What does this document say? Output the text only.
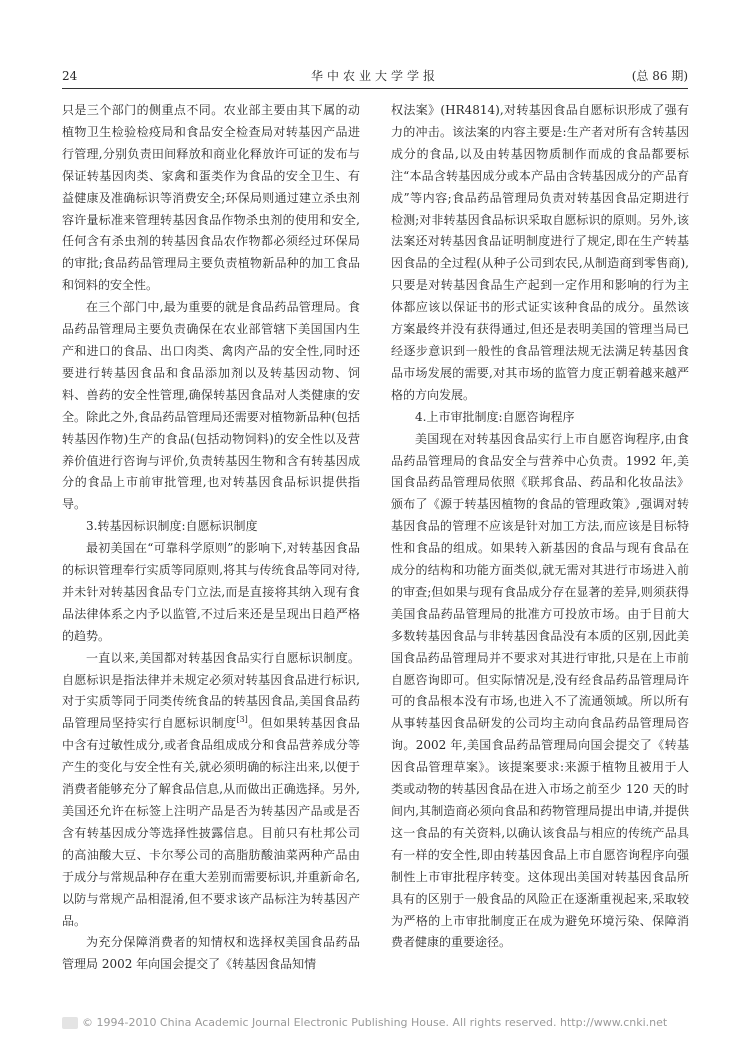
24	华中农业大学学报	(总 86 期)

只是三个部门的侧重点不同。农业部主要由其下属的动植物卫生检验检疫局和食品安全检查局对转基因产品进行管理,分别负责田间释放和商业化释放许可证的发布与保证转基因肉类、家禽和蛋类作为食品的安全卫生、有益健康及准确标识等消费安全;环保局则通过建立杀虫剂容许量标准来管理转基因食品作物杀虫剂的使用和安全,任何含有杀虫剂的转基因食品农作物都必须经过环保局的审批;食品药品管理局主要负责植物新品种的加工食品和饲料的安全性。

在三个部门中,最为重要的就是食品药品管理局。食品药品管理局主要负责确保在农业部管辖下美国国内生产和进口的食品、出口肉类、禽肉产品的安全性,同时还要进行转基因食品和食品添加剂以及转基因动物、饲料、兽药的安全性管理,确保转基因食品对人类健康的安全。除此之外,食品药品管理局还需要对植物新品种(包括转基因作物)生产的食品(包括动物饲料)的安全性以及营养价值进行咨询与评价,负责转基因生物和含有转基因成分的食品上市前审批管理,也对转基因食品标识提供指导。

3.转基因标识制度:自愿标识制度

最初美国在“可靠科学原则”的影响下,对转基因食品的标识管理奉行实质等同原则,将其与传统食品等同对待,并未针对转基因食品专门立法,而是直接将其纳入现有食品法律体系之内予以监管,不过后来还是呈现出日趋严格的趋势。

一直以来,美国都对转基因食品实行自愿标识制度。自愿标识是指法律并未规定必须对转基因食品进行标识,对于实质等同于同类传统食品的转基因食品,美国食品药品管理局坚持实行自愿标识制度[3]。但如果转基因食品中含有过敏性成分,或者食品组成成分和食品营养成分等产生的变化与安全性有关,就必须明确的标注出来,以便于消费者能够充分了解食品信息,从而做出正确选择。另外,美国还允许在标签上注明产品是否为转基因产品或是否含有转基因成分等选择性披露信息。目前只有杜邦公司的高油酸大豆、卡尔琴公司的高脂肪酸油菜两种产品由于成分与常规品种存在重大差别而需要标识,并重新命名,以防与常规产品相混淆,但不要求该产品标注为转基因产品。

为充分保障消费者的知情权和选择权美国食品药品管理局 2002 年向国会提交了《转基因食品知情

权法案》(HR4814),对转基因食品自愿标识形成了强有力的冲击。该法案的内容主要是:生产者对所有含转基因成分的食品,以及由转基因物质制作而成的食品都要标注“本品含转基因成分或本产品由含转基因成分的产品育成”等内容;食品药品管理局负责对转基因食品定期进行检测;对非转基因食品标识采取自愿标识的原则。另外,该法案还对转基因食品证明制度进行了规定,即在生产转基因食品的全过程(从种子公司到农民,从制造商到零售商),只要是对转基因食品生产起到一定作用和影响的行为主体都应该以保证书的形式证实该种食品的成分。虽然该方案最终并没有获得通过,但还是表明美国的管理当局已经逐步意识到一般性的食品管理法规无法满足转基因食品市场发展的需要,对其市场的监管力度正朝着越来越严格的方向发展。

4.上市审批制度:自愿咨询程序

美国现在对转基因食品实行上市自愿咨询程序,由食品药品管理局的食品安全与营养中心负责。1992 年,美国食品药品管理局依照《联邦食品、药品和化妆品法》颁布了《源于转基因植物的食品的管理政策》,强调对转基因食品的管理不应该是针对加工方法,而应该是目标特性和食品的组成。如果转入新基因的食品与现有食品在成分的结构和功能方面类似,就无需对其进行市场进入前的审查;但如果与现有食品成分存在显著的差异,则须获得美国食品药品管理局的批准方可投放市场。由于目前大多数转基因食品与非转基因食品没有本质的区别,因此美国食品药品管理局并不要求对其进行审批,只是在上市前自愿咨询即可。但实际情况是,没有经食品药品管理局许可的食品根本没有市场,也进入不了流通领域。所以所有从事转基因食品研发的公司均主动向食品药品管理局咨询。2002 年,美国食品药品管理局向国会提交了《转基因食品管理草案》。该提案要求:来源于植物且被用于人类或动物的转基因食品在进入市场之前至少 120 天的时间内,其制造商必须向食品和药物管理局提出申请,并提供这一食品的有关资料,以确认该食品与相应的传统产品具有一样的安全性,即由转基因食品上市自愿咨询程序向强制性上市审批程序转变。这体现出美国对转基因食品所具有的区别于一般食品的风险正在逐渐重视起来,采取较为严格的上市审批制度正在成为避免环境污染、保障消费者健康的重要途径。

© 1994-2010 China Academic Journal Electronic Publishing House. All rights reserved. http://www.cnki.net
